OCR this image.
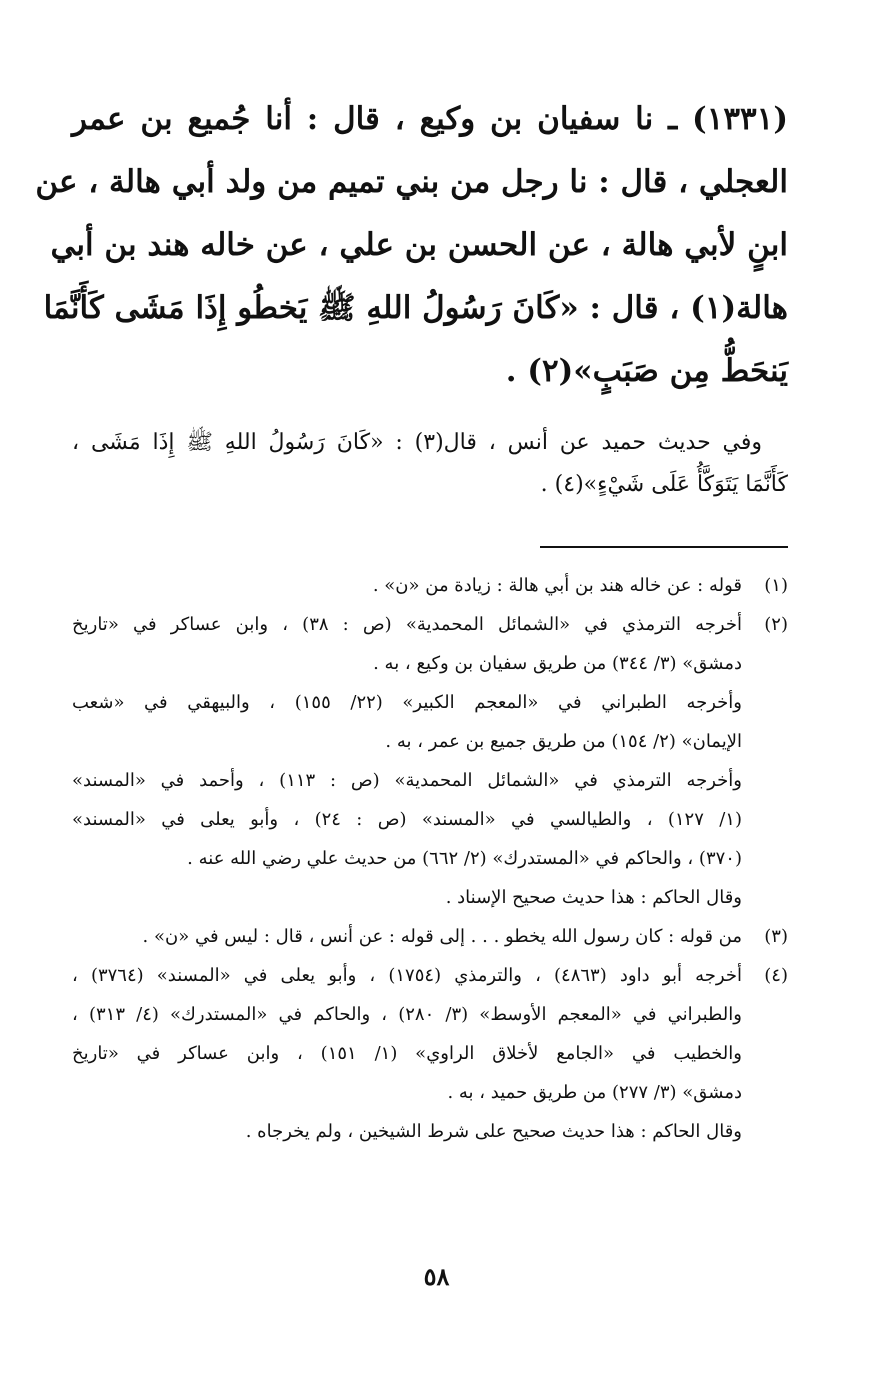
(١٣٣١) ـ نا سفيان بن وكيع ، قال : أنا جُميع بن عمر
العجلي ، قال : نا رجل من بني تميم من ولد أبي هالة ، عن
ابنٍ لأبي هالة ، عن الحسن بن علي ، عن خاله هند بن أبي
هالة(١) ، قال : «كَانَ رَسُولُ اللهِ ﷺ يَخطُو إِذَا مَشَى كَأَنَّمَا
يَنحَطُّ مِن صَبَبٍ»(٢) .
وفي حديث حميد عن أنس ، قال(٣) : «كَانَ رَسُولُ اللهِ ﷺ إِذَا مَشَى ،
كَأَنَّمَا يَتَوَكَّأُ عَلَى شَيْءٍ»(٤) .
(١)قوله : عن خاله هند بن أبي هالة : زيادة من «ن» .
(٢)أخرجه الترمذي في «الشمائل المحمدية» (ص : ٣٨) ، وابن عساكر في «تاريخ
دمشق» (٣/ ٣٤٤) من طريق سفيان بن وكيع ، به .
وأخرجه الطبراني في «المعجم الكبير» (٢٢/ ١٥٥) ، والبيهقي في «شعب
الإيمان» (٢/ ١٥٤) من طريق جميع بن عمر ، به .
وأخرجه الترمذي في «الشمائل المحمدية» (ص : ١١٣) ، وأحمد في «المسند»
(١/ ١٢٧) ، والطيالسي في «المسند» (ص : ٢٤) ، وأبو يعلى في «المسند»
(٣٧٠) ، والحاكم في «المستدرك» (٢/ ٦٦٢) من حديث علي رضي الله عنه .
وقال الحاكم : هذا حديث صحيح الإسناد .
(٣)من قوله : كان رسول الله يخطو . . . إلى قوله : عن أنس ، قال : ليس في «ن» .
(٤)أخرجه أبو داود (٤٨٦٣) ، والترمذي (١٧٥٤) ، وأبو يعلى في «المسند» (٣٧٦٤) ،
والطبراني في «المعجم الأوسط» (٣/ ٢٨٠) ، والحاكم في «المستدرك» (٤/ ٣١٣) ،
والخطيب في «الجامع لأخلاق الراوي» (١/ ١٥١) ، وابن عساكر في «تاريخ
دمشق» (٣/ ٢٧٧) من طريق حميد ، به .
وقال الحاكم : هذا حديث صحيح على شرط الشيخين ، ولم يخرجاه .
٥٨
